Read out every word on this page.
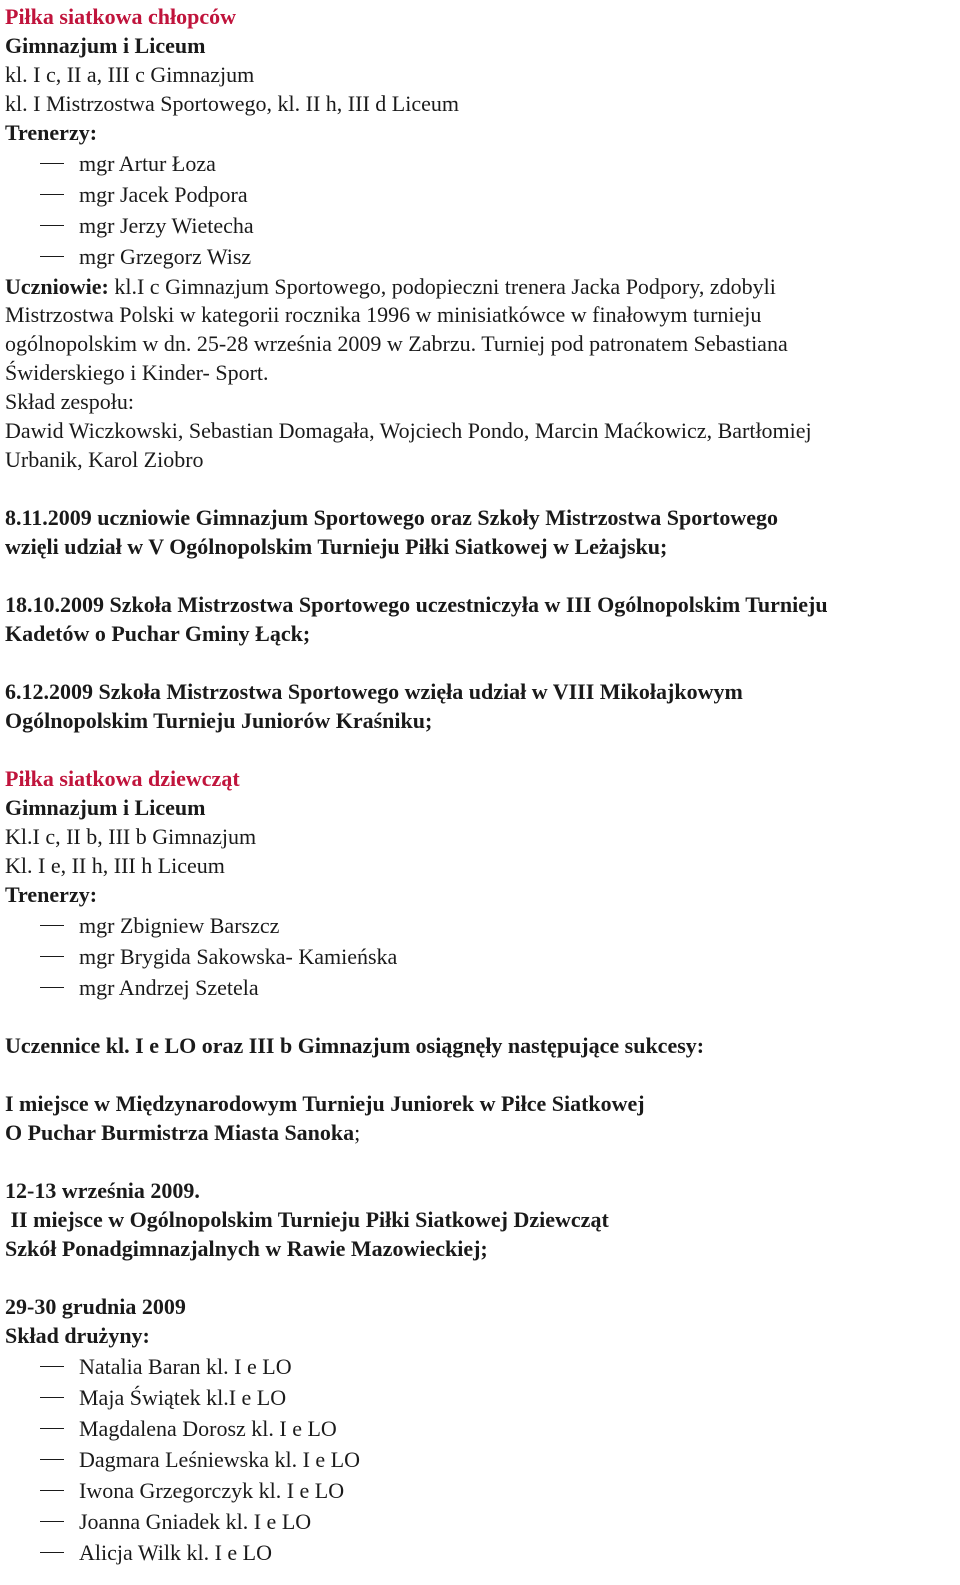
Piłka siatkowa chłopców
Gimnazjum i Liceum
kl. I c, II a, III c Gimnazjum
kl. I Mistrzostwa Sportowego, kl. II h, III d Liceum
Trenerzy:
mgr Artur Łoza
mgr Jacek Podpora
mgr Jerzy Wietecha
mgr Grzegorz Wisz
Uczniowie: kl.I c Gimnazjum Sportowego, podopieczni trenera Jacka Podpory, zdobyli
Mistrzostwa Polski w kategorii rocznika 1996 w minisiatkówce w finałowym turnieju
ogólnopolskim w dn. 25-28 września 2009 w Zabrzu. Turniej pod patronatem Sebastiana
Świderskiego i Kinder- Sport.
Skład zespołu:
Dawid Wiczkowski, Sebastian Domagała, Wojciech Pondo, Marcin Maćkowicz, Bartłomiej
Urbanik, Karol Ziobro
8.11.2009 uczniowie Gimnazjum Sportowego oraz Szkoły Mistrzostwa Sportowego
wzięli udział w V Ogólnopolskim Turnieju Piłki Siatkowej w Leżajsku;
18.10.2009 Szkoła Mistrzostwa Sportowego uczestniczyła w III Ogólnopolskim Turnieju
Kadetów o Puchar Gminy Łąck;
6.12.2009 Szkoła Mistrzostwa Sportowego wzięła udział w VIII Mikołajkowym
Ogólnopolskim Turnieju Juniorów Kraśniku;
Piłka siatkowa dziewcząt
Gimnazjum i Liceum
Kl.I c, II b, III b Gimnazjum
Kl. I e, II h, III h Liceum
Trenerzy:
mgr Zbigniew Barszcz
mgr Brygida Sakowska- Kamieńska
mgr Andrzej Szetela
Uczennice kl. I e LO oraz III b Gimnazjum osiągnęły następujące sukcesy:
I miejsce w Międzynarodowym Turnieju Juniorek w Piłce Siatkowej
O Puchar Burmistrza Miasta Sanoka;
12-13 września 2009.
II miejsce w Ogólnopolskim Turnieju Piłki Siatkowej Dziewcząt
Szkół Ponadgimnazjalnych w Rawie Mazowieckiej;
29-30 grudnia 2009
Skład drużyny:
Natalia Baran kl. I e LO
Maja Świątek kl.I e LO
Magdalena Dorosz kl. I e LO
Dagmara Leśniewska kl. I e LO
Iwona Grzegorczyk kl. I e LO
Joanna Gniadek kl. I e LO
Alicja Wilk kl. I e LO
